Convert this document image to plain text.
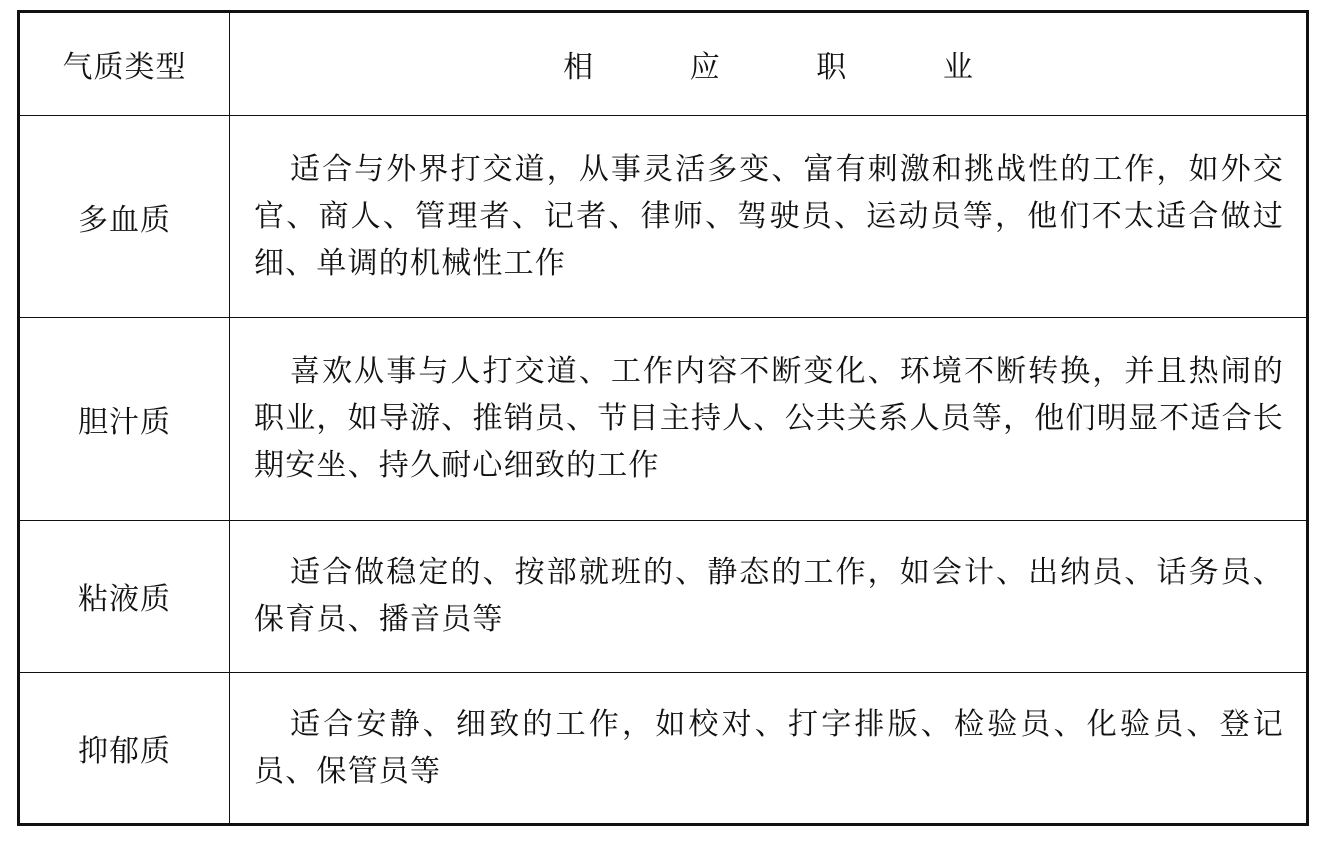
气质类型	相 应 职 业
多血质	适合与外界打交道，从事灵活多变、富有刺激和挑战性的工作，如外交官、商人、管理者、记者、律师、驾驶员、运动员等，他们不太适合做过细、单调的机械性工作
胆汁质	喜欢从事与人打交道、工作内容不断变化、环境不断转换，并且热闹的职业，如导游、推销员、节目主持人、公共关系人员等，他们明显不适合长期安坐、持久耐心细致的工作
粘液质	适合做稳定的、按部就班的、静态的工作，如会计、出纳员、话务员、保育员、播音员等
抑郁质	适合安静、细致的工作，如校对、打字排版、检验员、化验员、登记员、保管员等
